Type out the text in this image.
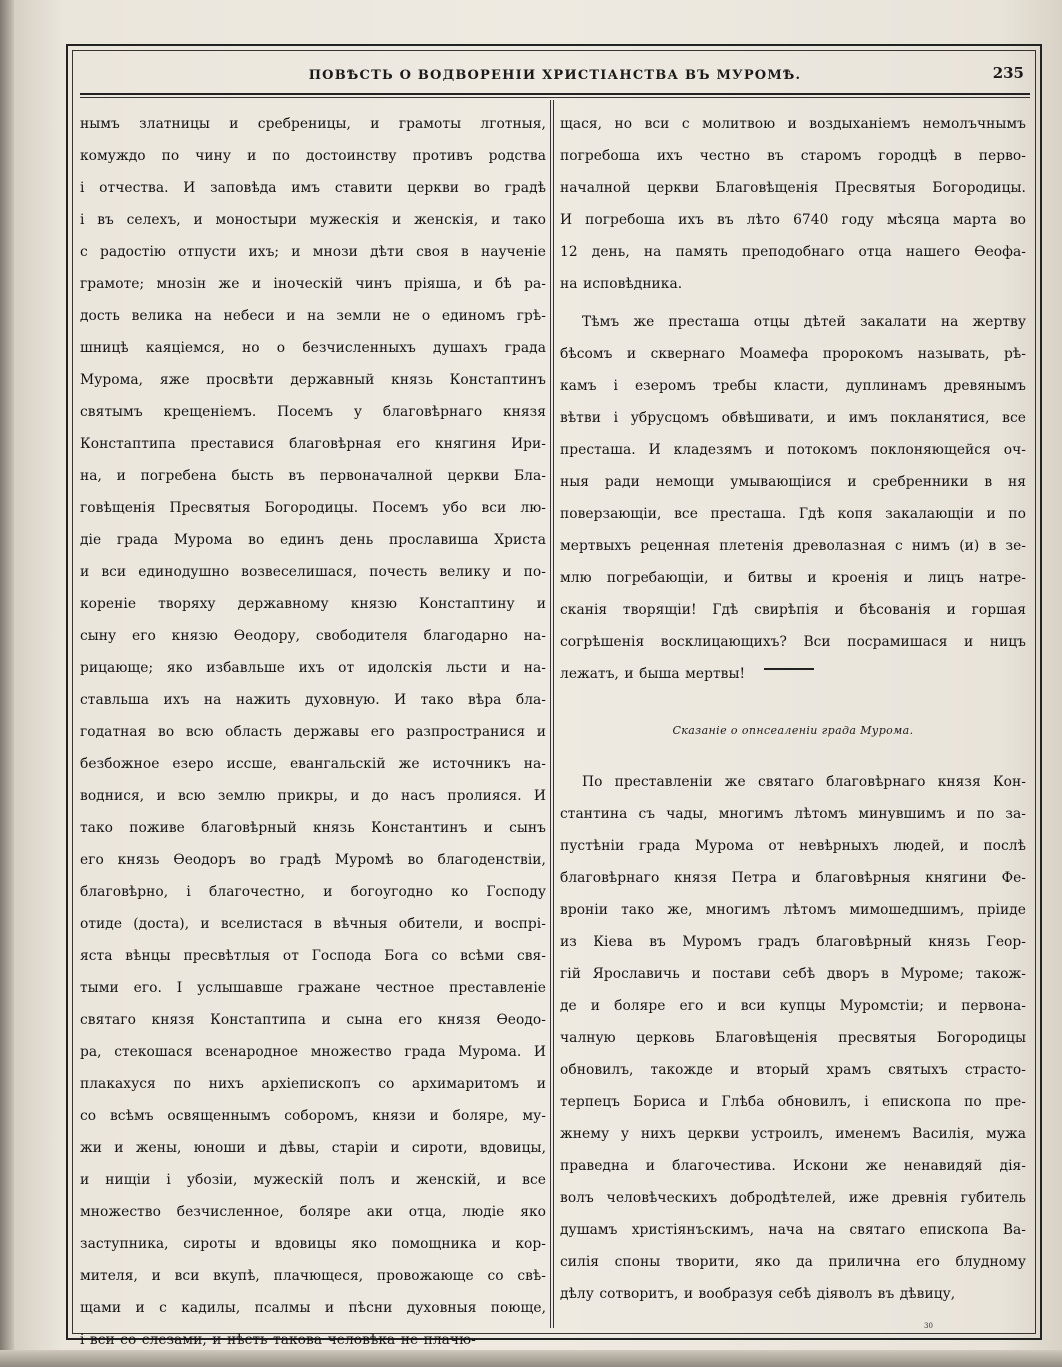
ПОВѢСТЬ О ВОДВОРЕНІИ ХРИСТІАНСТВА ВЪ МУРОМѢ.	235
нымъ златницы и сребреницы, и грамоты лготныя,
комуждо по чину и по достоинству противъ родства
і отчества. И заповѣда имъ ставити церкви во градѣ
і въ селехъ, и моностыри мужескія и женскія, и тако
с радостію отпусти ихъ; и мнози дѣти своя в наученіе
грамоте; мнозін же и іноческій чинъ пріяша, и бѣ ра-
дость велика на небеси и на земли не о единомъ грѣ-
шницѣ каяціемся, но о безчисленныхъ душахъ града
Мурома, яже просвѣти державный князь Констаптинъ
святымъ крещеніемъ. Посемъ у благовѣрнаго князя
Констаптипа преставися благовѣрная его княгиня Ири-
на, и погребена бысть въ первоначалной церкви Бла-
говѣщенія Пресвятыя Богородицы. Посемъ убо вси лю-
діе града Мурома во единъ день прославиша Христа
и вси единодушно возвеселишася, почесть велику и по-
кореніе творяху державному князю Констаптину и
сыну его князю Ѳеодору, свободителя благодарно на-
рицающе; яко избавльше ихъ от идолскія льсти и на-
ставльша ихъ на нажить духовную. И тако вѣра бла-
годатная во всю область державы его разпространися и
безбожное езеро иссше, евангальскій же источникъ на-
воднися, и всю землю прикры, и до насъ пролияся. И
тако поживе благовѣрный князь Константинъ и сынъ
его князь Ѳеодоръ во градѣ Муромѣ во благоденствіи,
благовѣрно, і благочестно, и богоугодно ко Господу
отиде (доста), и вселистася в вѣчныя обители, и воспрі-
яста вѣнцы пресвѣтлыя от Господа Бога со всѣми свя-
тыми его. І услышавше гражане честное преставленіе
святаго князя Констаптипа и сына его князя Ѳеодо-
ра, стекошася всенародное множество града Мурома. И
плакахуся по нихъ архіепископъ со архимаритомъ и
со всѣмъ освященнымъ соборомъ, князи и боляре, му-
жи и жены, юноши и дѣвы, старіи и сироти, вдовицы,
и нищіи і убозіи, мужескій полъ и женскій, и все
множество безчисленное, боляре аки отца, людіе яко
заступника, сироты и вдовицы яко помощника и кор-
мителя, и вси вкупѣ, плачющеся, провожающе со свѣ-
щами и с кадилы, псалмы и пѣсни духовныя поюще,
і вси со слезами, и нѣсть такова человѣка не плачю-
щася, но вси с молитвою и воздыханіемъ немолъчнымъ
погребоша ихъ честно въ старомъ городцѣ в перво-
началной церкви Благовѣщенія Пресвятыя Богородицы.
И погребоша ихъ въ лѣто 6740 году мѣсяца марта во
12 день, на память преподобнаго отца нашего Ѳеофа-
на исповѣдника.
Тѣмъ же престаша отцы дѣтей закалати на жертву
бѣсомъ и сквернаго Моамефа пророкомъ называть, рѣ-
камъ і езеромъ требы класти, дуплинамъ древянымъ
вѣтви і убрусцомъ обвѣшивати, и имъ покланятися, все
престаша. И кладезямъ и потокомъ поклоняющейся оч-
ныя ради немощи умывающіися и сребренники в ня
поверзающіи, все престаша. Гдѣ копя закалающіи и по
мертвыхъ реценная плетенія древолазная с нимъ (и) в зе-
млю погребающіи, и битвы и кроенія и лицъ натре-
сканія творящіи! Гдѣ свирѣпія и бѣсованія и горшая
согрѣшенія восклицающихъ? Вси посрамишася и ницъ
лежатъ, и быша мертвы!
Сказаніе о опнсеаленіи града Мурома.
По преставленіи же святаго благовѣрнаго князя Кон-
стантина съ чады, многимъ лѣтомъ минувшимъ и по за-
пустѣніи града Мурома от невѣрныхъ людей, и послѣ
благовѣрнаго князя Петра и благовѣрныя княгини Фе-
вроніи тако же, многимъ лѣтомъ мимошедшимъ, пріиде
из Кіева въ Муромъ градъ благовѣрный князь Геор-
гій Ярославичь и постави себѣ дворъ в Муроме; також-
де и боляре его и вси купцы Муромстіи; и первона-
чалную церковь Благовѣщенія пресвятыя Богородицы
обновилъ, такожде и вторый храмъ святыхъ страсто-
терпецъ Бориса и Глѣба обновилъ, і епископа по пре-
жнему у нихъ церкви устроилъ, именемъ Василія, мужа
праведна и благочестива. Искони же ненавидяй дія-
волъ человѣческихъ добродѣтелей, иже древнія губитель
душамъ христіянъскимъ, нача на святаго епископа Ва-
силія споны творити, яко да прилична его блудному
дѣлу сотворитъ, и вообразуя себѣ діяволъ въ дѣвицу,
30
